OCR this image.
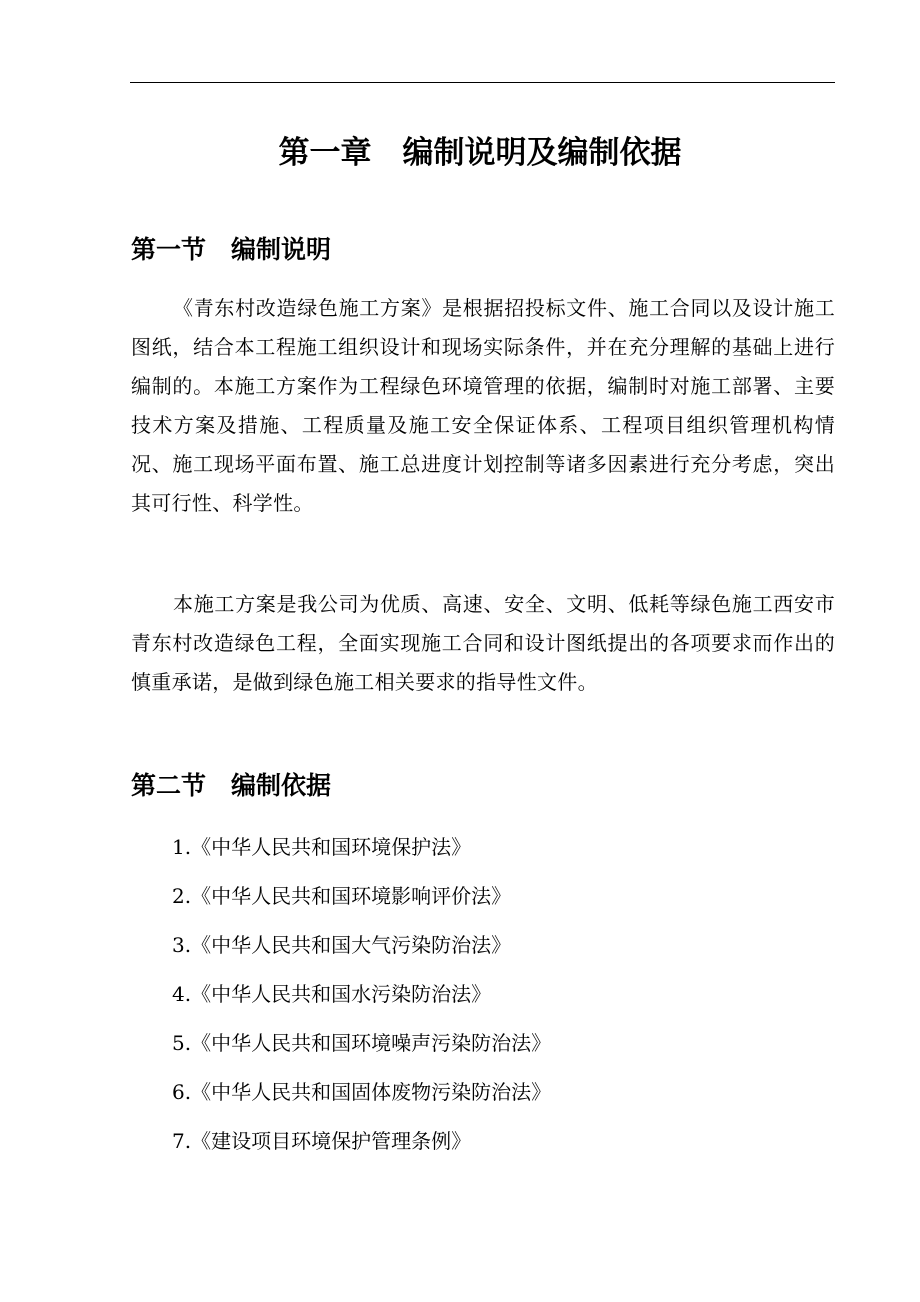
第一章　编制说明及编制依据
第一节　编制说明

《青东村改造绿色施工方案》是根据招投标文件、施工合同以及设计施工图纸，结合本工程施工组织设计和现场实际条件，并在充分理解的基础上进行编制的。本施工方案作为工程绿色环境管理的依据，编制时对施工部署、主要技术方案及措施、工程质量及施工安全保证体系、工程项目组织管理机构情况、施工现场平面布置、施工总进度计划控制等诸多因素进行充分考虑，突出其可行性、科学性。

本施工方案是我公司为优质、高速、安全、文明、低耗等绿色施工西安市青东村改造绿色工程，全面实现施工合同和设计图纸提出的各项要求而作出的慎重承诺，是做到绿色施工相关要求的指导性文件。

第二节　编制依据
1.《中华人民共和国环境保护法》
2.《中华人民共和国环境影响评价法》
3.《中华人民共和国大气污染防治法》
4.《中华人民共和国水污染防治法》
5.《中华人民共和国环境噪声污染防治法》
6.《中华人民共和国固体废物污染防治法》
7.《建设项目环境保护管理条例》
